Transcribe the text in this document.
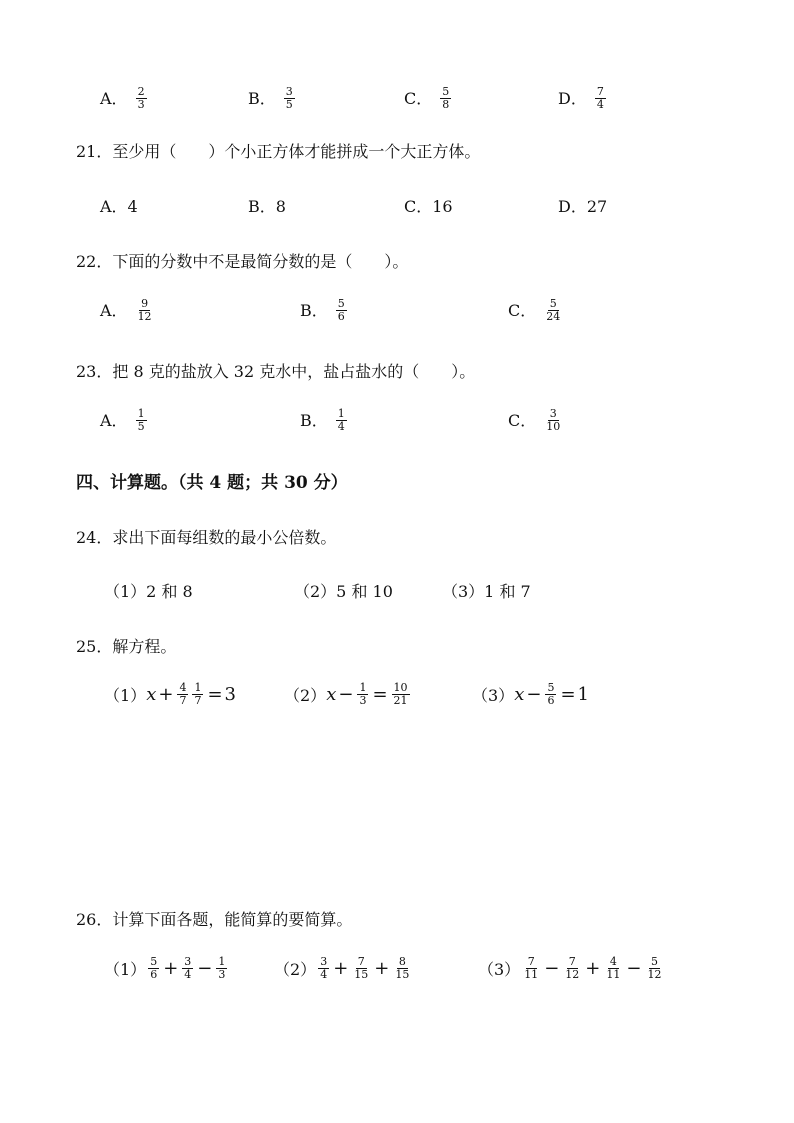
A． $\frac{2}{3}$	B． $\frac{3}{5}$	C． $\frac{5}{8}$	D． $\frac{7}{4}$
21．至少用（　　）个小正方体才能拼成一个大正方体。
A．4	B．8	C．16	D．27
22．下面的分数中不是最简分数的是（　　）。
A． $\frac{9}{12}$	B． $\frac{5}{6}$	C． $\frac{5}{24}$
23．把 8 克的盐放入 32 克水中，盐占盐水的（　　）。
A． $\frac{1}{5}$	B． $\frac{1}{4}$	C． $\frac{3}{10}$
四、计算题。（共 4 题；共 30 分）
24．求出下面每组数的最小公倍数。
（1）2 和 8	（2）5 和 10	（3）1 和 7
25．解方程。
（1） $x + \frac{4}{7} \frac{1}{7} = 3$	（2） $x - \frac{1}{3} = \frac{10}{21}$	（3） $x - \frac{5}{6} = 1$
26．计算下面各题，能简算的要简算。
$(1) \frac{5}{6} + \frac{3}{4} - \frac{1}{3}$	$(2) \frac{3}{4} + \frac{7}{15} + \frac{8}{15}$	$(3) \frac{7}{11} - \frac{7}{12} + \frac{4}{11} - \frac{5}{12}$
